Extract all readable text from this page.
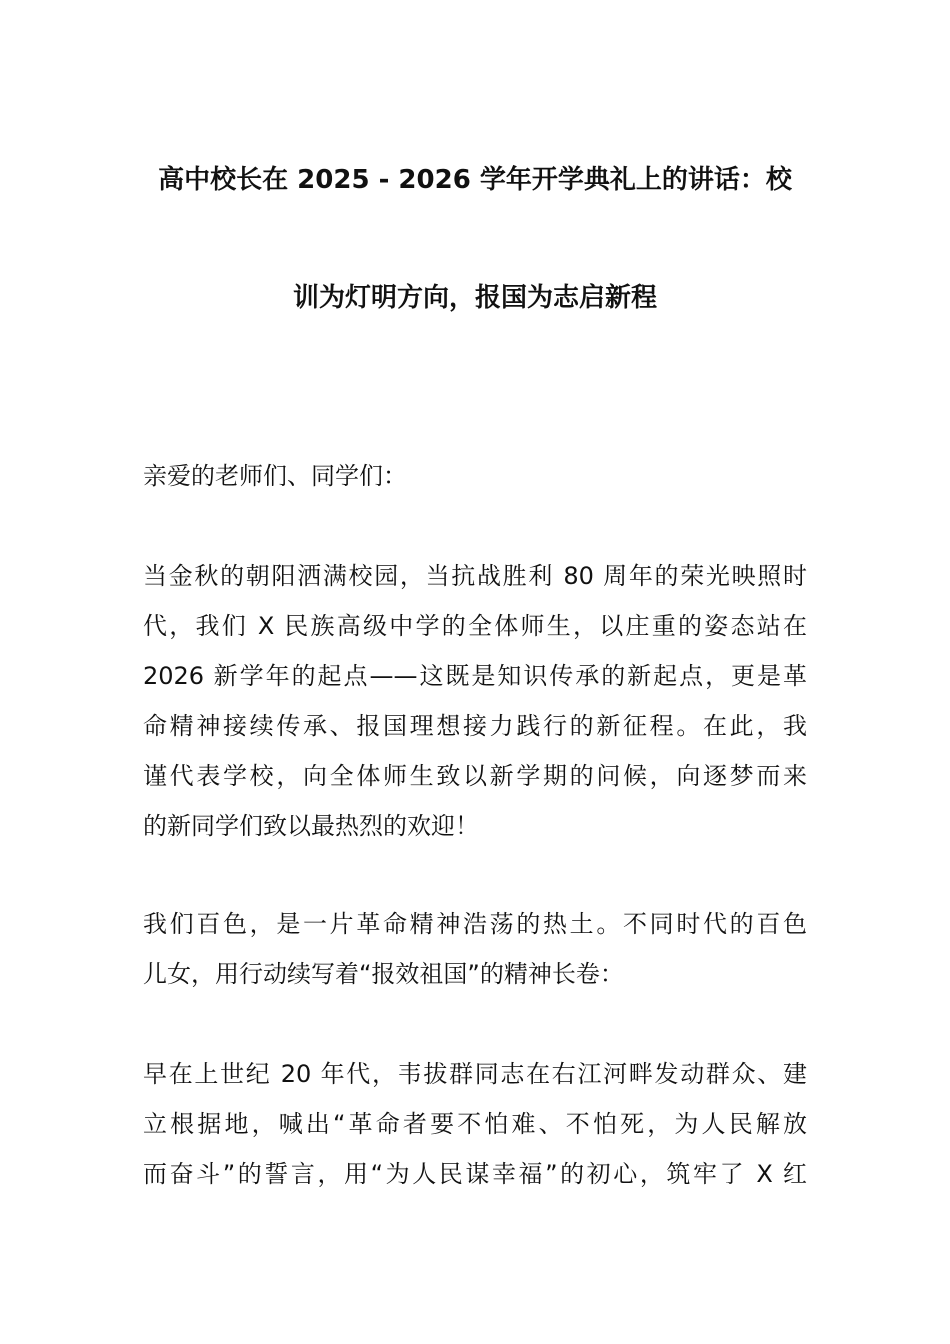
高中校长在 2025 - 2026 学年开学典礼上的讲话：校
训为灯明方向，报国为志启新程
亲爱的老师们、同学们：
当金秋的朝阳洒满校园，当抗战胜利 80 周年的荣光映照时
代，我们 X 民族高级中学的全体师生，以庄重的姿态站在
2026 新学年的起点——这既是知识传承的新起点，更是革
命精神接续传承、报国理想接力践行的新征程。在此，我
谨代表学校，向全体师生致以新学期的问候，向逐梦而来
的新同学们致以最热烈的欢迎！
我们百色，是一片革命精神浩荡的热土。不同时代的百色
儿女，用行动续写着“报效祖国”的精神长卷：
早在上世纪 20 年代，韦拔群同志在右江河畔发动群众、建
立根据地，喊出“革命者要不怕难、不怕死，为人民解放
而奋斗”的誓言，用“为人民谋幸福”的初心，筑牢了 X 红
